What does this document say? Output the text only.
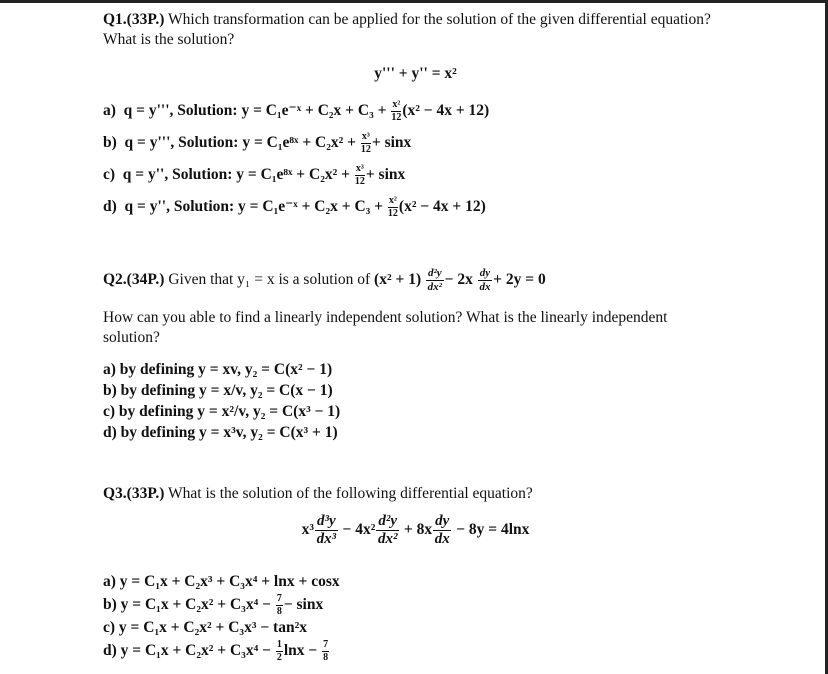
Q1.(33P.) Which transformation can be applied for the solution of the given differential equation? What is the solution?
y''' + y'' = x²
a) q = y''', Solution: y = C₁e⁻ˣ + $C_2x + C_3 + \frac{\text{x²}}{12} (x^2 - 4x + 12)$
b) q = y''', Solution: y = C₁e⁸ˣ + $C_2x^2 + \frac{\text{x³}}{12} + \sin x$
c) q = y'', Solution: y = C₁e⁸ˣ + $C_2x^2 + \frac{\text{x³}}{12} + \sin x$
d) q = y'', Solution: y = C₁e⁻ˣ + $C_2x + C_3 + \frac{\text{x²}}{12} (x^2 - 4x + 12)$
Q2.(34P.) Given that y₁ = x is a solution of $(x^2 + 1) \frac{\text{d²y}}{\text{dx²}} - 2x \frac{dy}{dx} + 2y = 0$
How can you able to find a linearly independent solution? What is the linearly independent solution?
a) by defining y = xv, y₂ = C(x² − 1)
b) by defining y = x/v, y₂ = C(x − 1)
c) by defining y = x²/v, y₂ = C(x³ − 1)
d) by defining y = x³v, y₂ = C(x³ + 1)
Q3.(33P.) What is the solution of the following differential equation?
$x^3 \frac{\text{d³y}}{\text{dx³}} - 4x^2 \frac{\text{d²y}}{\text{dx²}} + 8x \frac{dy}{dx} - 8y = 4\ln x$
a) y = C₁x + C₂x³ + C₃x⁴ + lnx + cosx
b) $y = C_1x + C_2x^2 + C_3x^4 - \frac{7}{8} - \sin x$
c) y = C₁x + C₂x² + C₃x³ − tan²x
d) $y = C_1x + C_2x^2 + C_3x^4 - \frac{1}{2}$ $\ln x - \frac{7}{8}$
